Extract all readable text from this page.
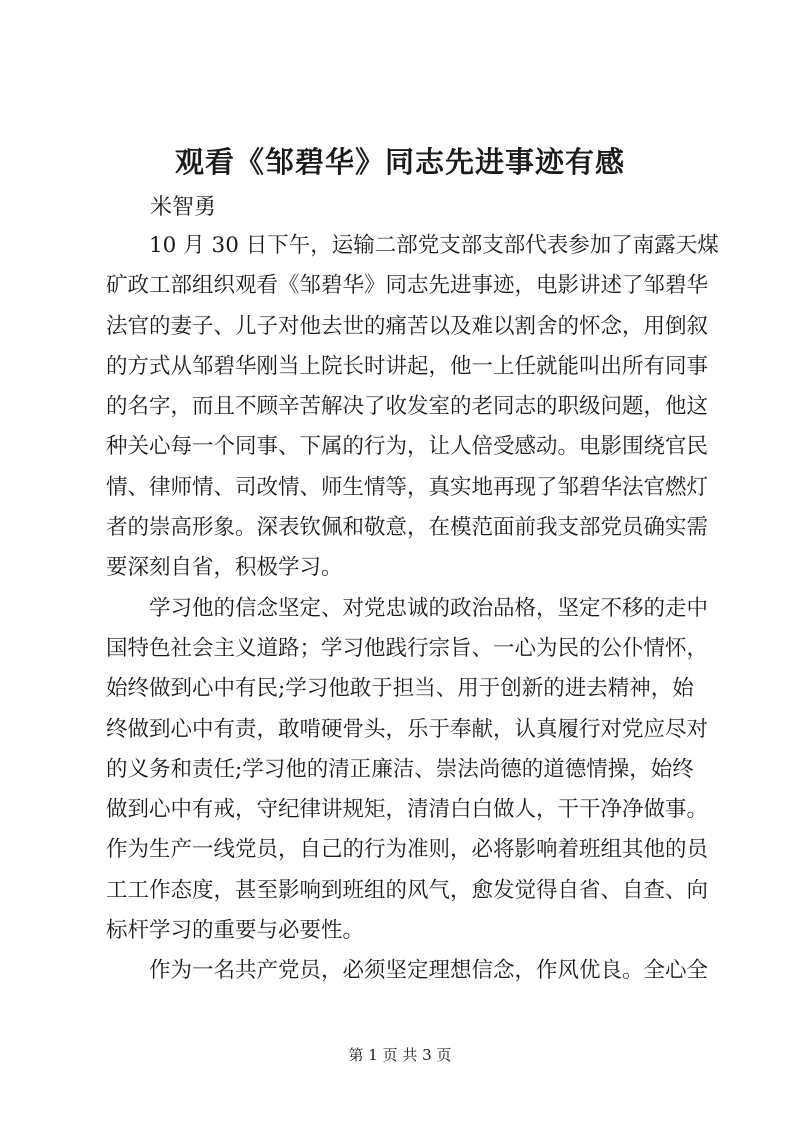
观看《邹碧华》同志先进事迹有感
米智勇
10 月 30 日下午，运输二部党支部支部代表参加了南露天煤
矿政工部组织观看《邹碧华》同志先进事迹，电影讲述了邹碧华
法官的妻子、儿子对他去世的痛苦以及难以割舍的怀念，用倒叙
的方式从邹碧华刚当上院长时讲起，他一上任就能叫出所有同事
的名字，而且不顾辛苦解决了收发室的老同志的职级问题，他这
种关心每一个同事、下属的行为，让人倍受感动。电影围绕官民
情、律师情、司改情、师生情等，真实地再现了邹碧华法官燃灯
者的崇高形象。深表钦佩和敬意，在模范面前我支部党员确实需
要深刻自省，积极学习。
学习他的信念坚定、对党忠诚的政治品格，坚定不移的走中
国特色社会主义道路；学习他践行宗旨、一心为民的公仆情怀，
始终做到心中有民;学习他敢于担当、用于创新的进去精神，始
终做到心中有责，敢啃硬骨头，乐于奉献，认真履行对党应尽对
的义务和责任;学习他的清正廉洁、崇法尚德的道德情操，始终
做到心中有戒，守纪律讲规矩，清清白白做人，干干净净做事。
作为生产一线党员，自己的行为准则，必将影响着班组其他的员
工工作态度，甚至影响到班组的风气，愈发觉得自省、自查、向
标杆学习的重要与必要性。
作为一名共产党员，必须坚定理想信念，作风优良。全心全
第 1 页 共 3 页
